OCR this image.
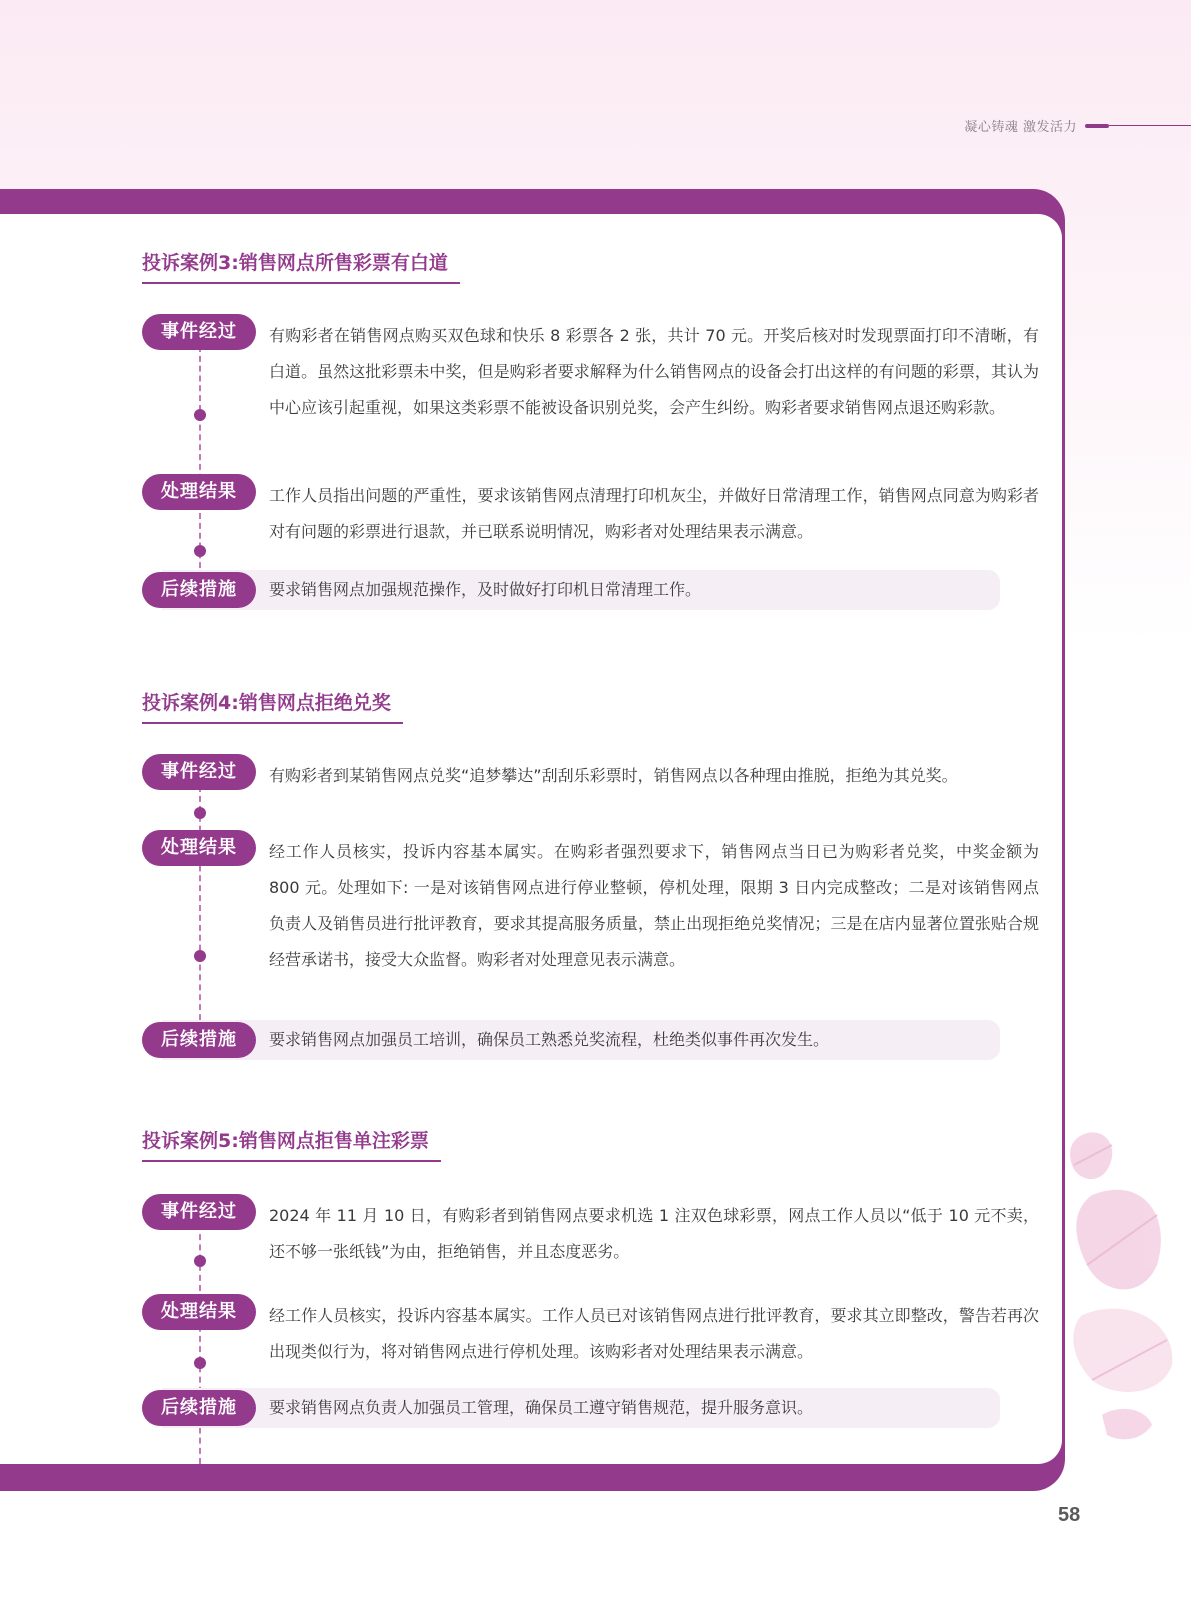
凝心铸魂 激发活力
投诉案例3:销售网点所售彩票有白道
事件经过	有购彩者在销售网点购买双色球和快乐 8 彩票各 2 张，共计 70 元。开奖后核对时发现票面打印不清晰，有白道。虽然这批彩票未中奖，但是购彩者要求解释为什么销售网点的设备会打出这样的有问题的彩票，其认为中心应该引起重视，如果这类彩票不能被设备识别兑奖，会产生纠纷。购彩者要求销售网点退还购彩款。
处理结果	工作人员指出问题的严重性，要求该销售网点清理打印机灰尘，并做好日常清理工作，销售网点同意为购彩者对有问题的彩票进行退款，并已联系说明情况，购彩者对处理结果表示满意。
后续措施	要求销售网点加强规范操作，及时做好打印机日常清理工作。
投诉案例4:销售网点拒绝兑奖
事件经过	有购彩者到某销售网点兑奖“追梦攀达”刮刮乐彩票时，销售网点以各种理由推脱，拒绝为其兑奖。
处理结果	经工作人员核实，投诉内容基本属实。在购彩者强烈要求下，销售网点当日已为购彩者兑奖，中奖金额为 800 元。处理如下: 一是对该销售网点进行停业整顿，停机处理，限期 3 日内完成整改；二是对该销售网点负责人及销售员进行批评教育，要求其提高服务质量，禁止出现拒绝兑奖情况；三是在店内显著位置张贴合规经营承诺书，接受大众监督。购彩者对处理意见表示满意。
后续措施	要求销售网点加强员工培训，确保员工熟悉兑奖流程，杜绝类似事件再次发生。
投诉案例5:销售网点拒售单注彩票
事件经过	2024 年 11 月 10 日，有购彩者到销售网点要求机选 1 注双色球彩票，网点工作人员以“低于 10 元不卖，还不够一张纸钱”为由，拒绝销售，并且态度恶劣。
处理结果	经工作人员核实，投诉内容基本属实。工作人员已对该销售网点进行批评教育，要求其立即整改，警告若再次出现类似行为，将对销售网点进行停机处理。该购彩者对处理结果表示满意。
后续措施	要求销售网点负责人加强员工管理，确保员工遵守销售规范，提升服务意识。
58
